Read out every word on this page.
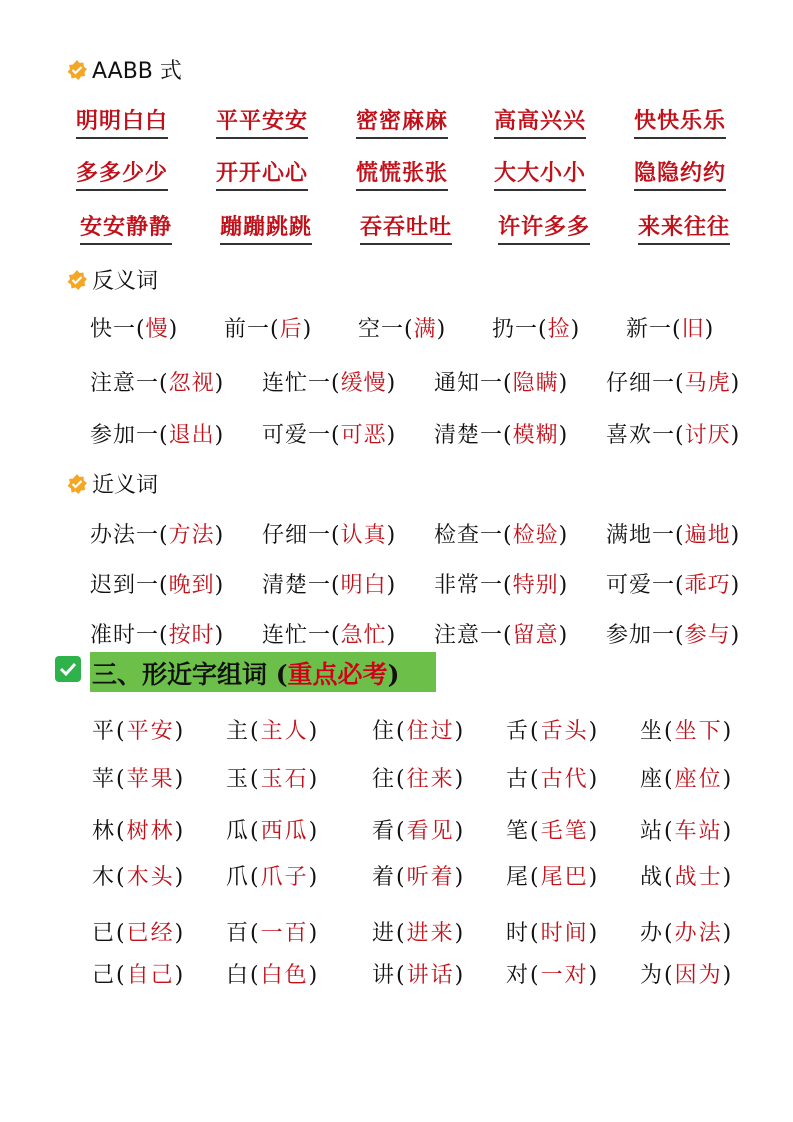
AABB 式
明明白白 平平安安 密密麻麻 高高兴兴 快快乐乐
多多少少 开开心心 慌慌张张 大大小小 隐隐约约
安安静静 蹦蹦跳跳 吞吞吐吐 许许多多 来来往往
反义词
快一(慢) 前一(后) 空一(满) 扔一(捡) 新一(旧)
注意一(忽视) 连忙一(缓慢) 通知一(隐瞒) 仔细一(马虎)
参加一(退出) 可爱一(可恶) 清楚一(模糊) 喜欢一(讨厌)
近义词
办法一(方法) 仔细一(认真) 检查一(检验) 满地一(遍地)
迟到一(晚到) 清楚一(明白) 非常一(特别) 可爱一(乖巧)
准时一(按时) 连忙一(急忙) 注意一(留意) 参加一(参与)
三、形近字组词 (重点必考)
平(平安) 主(主人) 住(住过) 舌(舌头) 坐(坐下)
苹(苹果) 玉(玉石) 往(往来) 古(古代) 座(座位)
林(树林) 瓜(西瓜) 看(看见) 笔(毛笔) 站(车站)
木(木头) 爪(爪子) 着(听着) 尾(尾巴) 战(战士)
已(已经) 百(一百) 进(进来) 时(时间) 办(办法)
己(自己) 白(白色) 讲(讲话) 对(一对) 为(因为)
